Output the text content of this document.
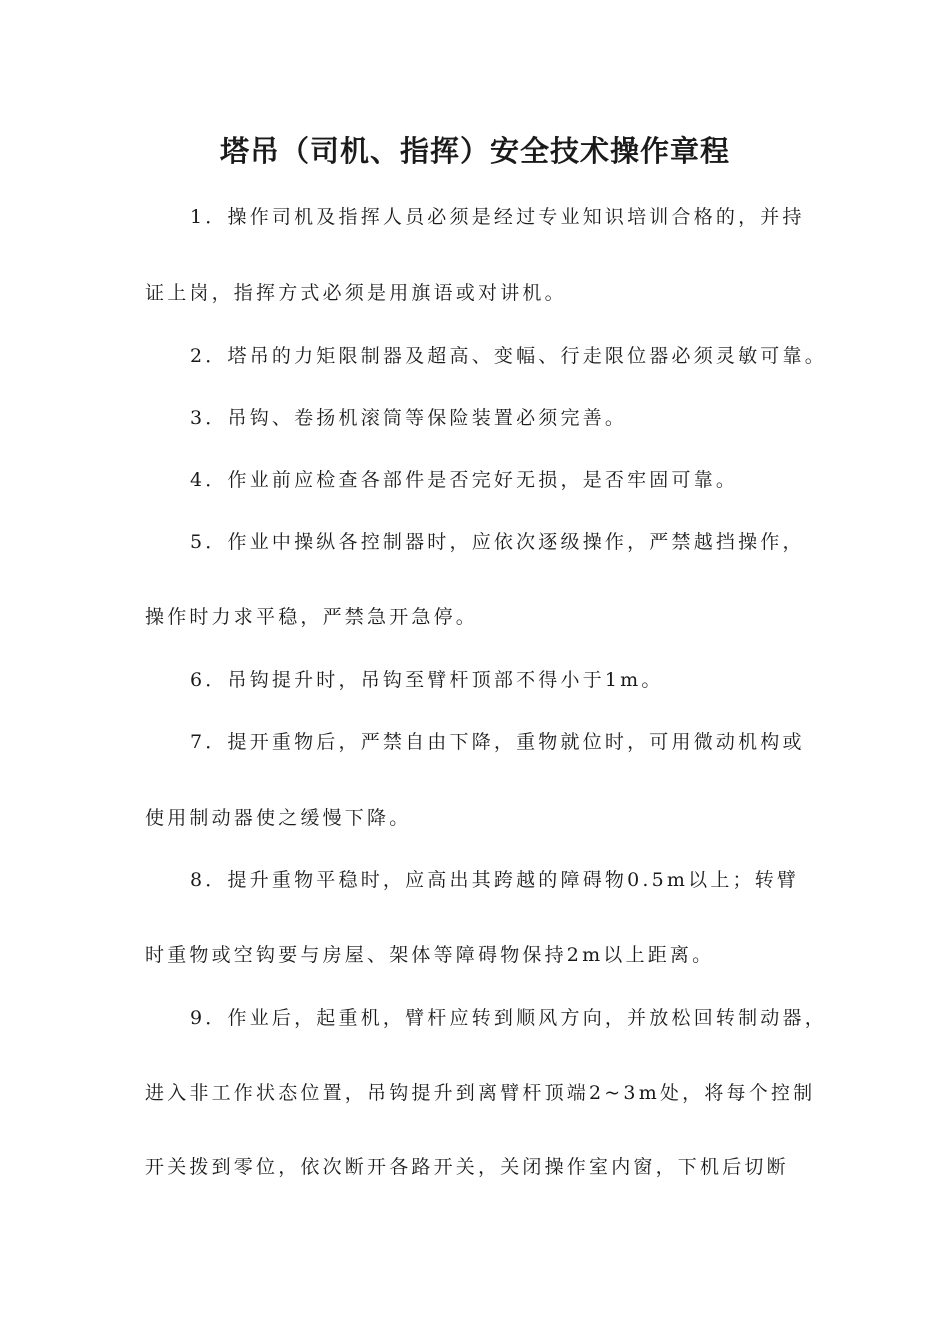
塔吊（司机、指挥）安全技术操作章程
1．操作司机及指挥人员必须是经过专业知识培训合格的，并持
证上岗，指挥方式必须是用旗语或对讲机。
2．塔吊的力矩限制器及超高、变幅、行走限位器必须灵敏可靠。
3．吊钩、卷扬机滚筒等保险装置必须完善。
4．作业前应检查各部件是否完好无损，是否牢固可靠。
5．作业中操纵各控制器时，应依次逐级操作，严禁越挡操作，
操作时力求平稳，严禁急开急停。
6．吊钩提升时，吊钩至臂杆顶部不得小于1m。
7．提开重物后，严禁自由下降，重物就位时，可用微动机构或
使用制动器使之缓慢下降。
8．提升重物平稳时，应高出其跨越的障碍物0.5m以上；转臂
时重物或空钩要与房屋、架体等障碍物保持2m以上距离。
9．作业后，起重机，臂杆应转到顺风方向，并放松回转制动器，
进入非工作状态位置，吊钩提升到离臂杆顶端2~3m处，将每个控制
开关拨到零位，依次断开各路开关，关闭操作室内窗，下机后切断
